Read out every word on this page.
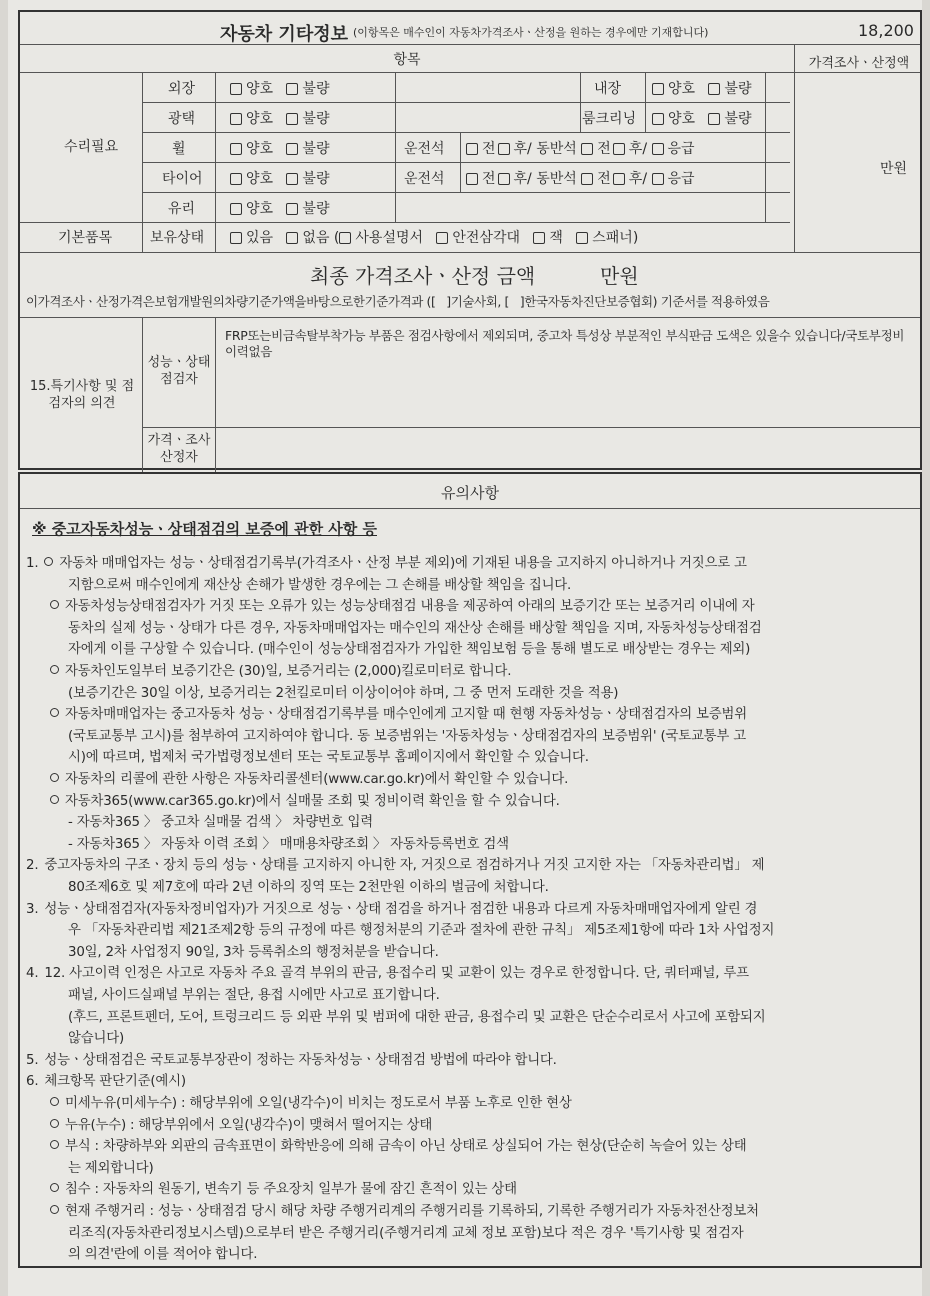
자동차 기타정보 (이항목은 매수인이 자동차가격조사ㆍ산정을 원하는 경우에만 기재합니다)	18,200
항목	가격조사ㆍ산정액
수리필요
만원
외장	양호 불량	내장	양호 불량
광택	양호 불량	룸크리닝	양호 불량
휠	양호 불량	운전석	전 후/ 동반석 전 후/ 응급
타이어	양호 불량	운전석	전 후/ 동반석 전 후/ 응급
유리	양호 불량
기본품목	보유상태	있음 없음 ( 사용설명서 안전삼각대 잭 스패너)
최종 가격조사ㆍ산정 금액	만원
이가격조사ㆍ산정가격은보험개발원의차량기준가액을바탕으로한기준가격과 ([ ]기술사회, [ ]한국자동차진단보증협회) 기준서를 적용하였음
15.특기사항 및 점검자의 의견
성능ㆍ상태 점검자
FRP또는비금속탈부착가능 부품은 점검사항에서 제외되며, 중고차 특성상 부분적인 부식판금 도색은 있을수 있습니다/국토부정비이력없음
가격ㆍ조사 산정자
유의사항
※ 중고자동차성능ㆍ상태점검의 보증에 관한 사항 등
1. 자동차 매매업자는 성능ㆍ상태점검기록부(가격조사ㆍ산정 부분 제외)에 기재된 내용을 고지하지 아니하거나 거짓으로 고
지함으로써 매수인에게 재산상 손해가 발생한 경우에는 그 손해를 배상할 책임을 집니다.
자동차성능상태점검자가 거짓 또는 오류가 있는 성능상태점검 내용을 제공하여 아래의 보증기간 또는 보증거리 이내에 자
동차의 실제 성능ㆍ상태가 다른 경우, 자동차매매업자는 매수인의 재산상 손해를 배상할 책임을 지며, 자동차성능상태점검
자에게 이를 구상할 수 있습니다. (매수인이 성능상태점검자가 가입한 책임보험 등을 통해 별도로 배상받는 경우는 제외)
자동차인도일부터 보증기간은 (30)일, 보증거리는 (2,000)킬로미터로 합니다.
(보증기간은 30일 이상, 보증거리는 2천킬로미터 이상이어야 하며, 그 중 먼저 도래한 것을 적용)
자동차매매업자는 중고자동차 성능ㆍ상태점검기록부를 매수인에게 고지할 때 현행 자동차성능ㆍ상태점검자의 보증범위
(국토교통부 고시)를 첨부하여 고지하여야 합니다. 동 보증범위는 '자동차성능ㆍ상태점검자의 보증범위' (국토교통부 고
시)에 따르며, 법제처 국가법령정보센터 또는 국토교통부 홈페이지에서 확인할 수 있습니다.
자동차의 리콜에 관한 사항은 자동차리콜센터(www.car.go.kr)에서 확인할 수 있습니다.
자동차365(www.car365.go.kr)에서 실매물 조회 및 정비이력 확인을 할 수 있습니다.
- 자동차365 〉 중고차 실매물 검색 〉 차량번호 입력
- 자동차365 〉 자동차 이력 조회 〉 매매용차량조회 〉 자동차등록번호 검색
2. 중고자동차의 구조ㆍ장치 등의 성능ㆍ상태를 고지하지 아니한 자, 거짓으로 점검하거나 거짓 고지한 자는 「자동차관리법」 제
80조제6호 및 제7호에 따라 2년 이하의 징역 또는 2천만원 이하의 벌금에 처합니다.
3. 성능ㆍ상태점검자(자동차정비업자)가 거짓으로 성능ㆍ상태 점검을 하거나 점검한 내용과 다르게 자동차매매업자에게 알린 경
우 「자동차관리법 제21조제2항 등의 규정에 따른 행정처분의 기준과 절차에 관한 규칙」 제5조제1항에 따라 1차 사업정지
30일, 2차 사업정지 90일, 3차 등록취소의 행정처분을 받습니다.
4. 12. 사고이력 인정은 사고로 자동차 주요 골격 부위의 판금, 용접수리 및 교환이 있는 경우로 한정합니다. 단, 쿼터패널, 루프
패널, 사이드실패널 부위는 절단, 용접 시에만 사고로 표기합니다.
(후드, 프론트펜더, 도어, 트렁크리드 등 외판 부위 및 범퍼에 대한 판금, 용접수리 및 교환은 단순수리로서 사고에 포함되지
않습니다)
5. 성능ㆍ상태점검은 국토교통부장관이 정하는 자동차성능ㆍ상태점검 방법에 따라야 합니다.
6. 체크항목 판단기준(예시)
미세누유(미세누수) : 해당부위에 오일(냉각수)이 비치는 정도로서 부품 노후로 인한 현상
누유(누수) : 해당부위에서 오일(냉각수)이 맺혀서 떨어지는 상태
부식 : 차량하부와 외판의 금속표면이 화학반응에 의해 금속이 아닌 상태로 상실되어 가는 현상(단순히 녹슬어 있는 상태
는 제외합니다)
침수 : 자동차의 원동기, 변속기 등 주요장치 일부가 물에 잠긴 흔적이 있는 상태
현재 주행거리 : 성능ㆍ상태점검 당시 해당 차량 주행거리계의 주행거리를 기록하되, 기록한 주행거리가 자동차전산정보처
리조직(자동차관리정보시스템)으로부터 받은 주행거리(주행거리계 교체 정보 포함)보다 적은 경우 '특기사항 및 점검자
의 의견'란에 이를 적어야 합니다.
